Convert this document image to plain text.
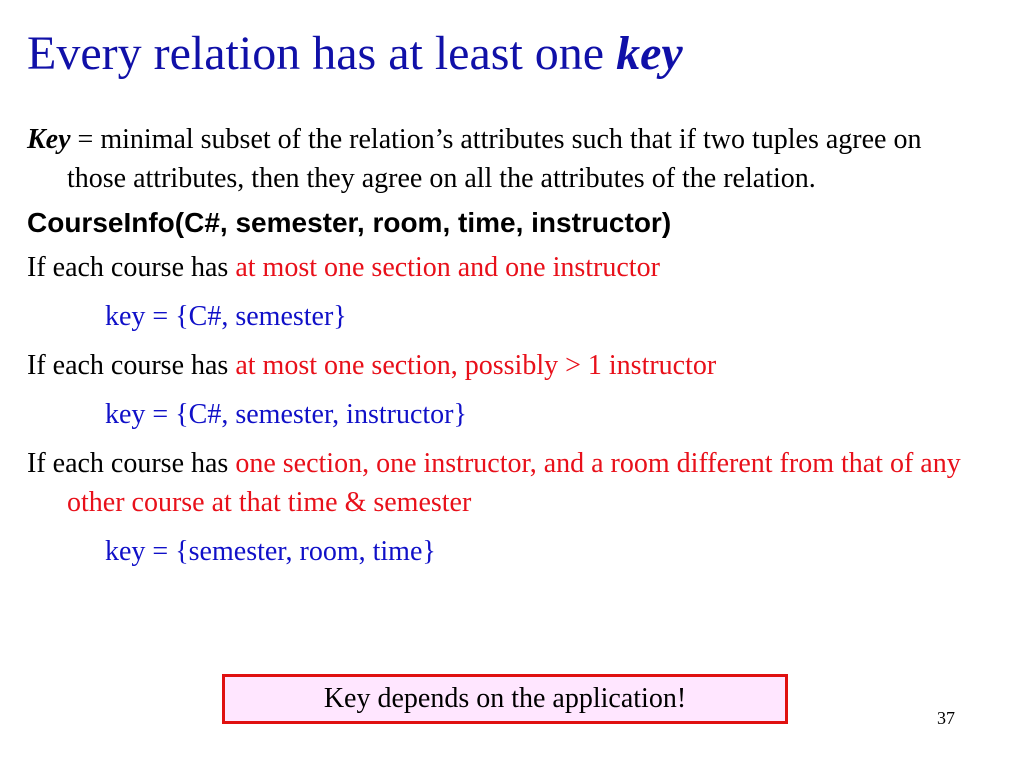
Every relation has at least one key

Key = minimal subset of the relation’s attributes such that if two tuples agree on those attributes, then they agree on all the attributes of the relation.

CourseInfo(C#, semester, room, time, instructor)

If each course has at most one section and one instructor

key = {C#, semester}

If each course has at most one section, possibly > 1 instructor

key = {C#, semester, instructor}

If each course has one section, one instructor, and a room different from that of any other course at that time & semester

key = {semester, room, time}
Key depends on the application!
37
